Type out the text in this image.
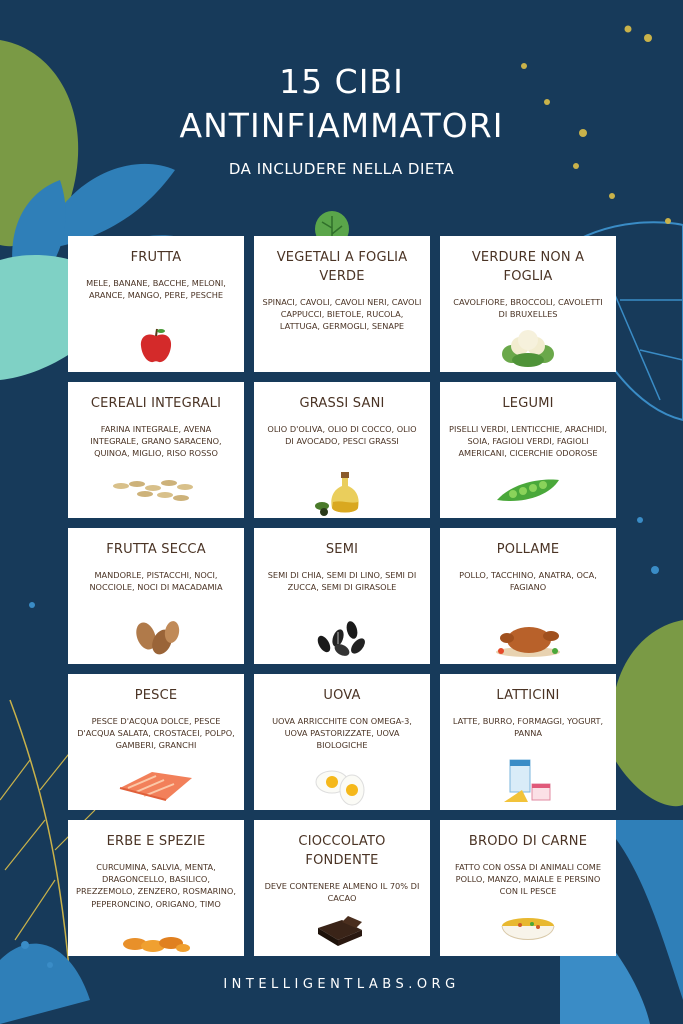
15 CIBI
ANTINFIAMMATORI
DA INCLUDERE NELLA DIETA
FRUTTA
MELE, BANANE, BACCHE, MELONI, ARANCE, MANGO, PERE, PESCHE
VEGETALI A FOGLIA VERDE
SPINACI, CAVOLI, CAVOLI NERI, CAVOLI CAPPUCCI, BIETOLE, RUCOLA, LATTUGA, GERMOGLI, SENAPE
VERDURE NON A FOGLIA
CAVOLFIORE, BROCCOLI, CAVOLETTI DI BRUXELLES
CEREALI INTEGRALI
FARINA INTEGRALE, AVENA INTEGRALE, GRANO SARACENO, QUINOA, MIGLIO, RISO ROSSO
GRASSI SANI
OLIO D'OLIVA, OLIO DI COCCO, OLIO DI AVOCADO, PESCI GRASSI
LEGUMI
PISELLI VERDI, LENTICCHIE, ARACHIDI, SOIA, FAGIOLI VERDI, FAGIOLI AMERICANI, CICERCHIE ODOROSE
FRUTTA SECCA
MANDORLE, PISTACCHI, NOCI, NOCCIOLE, NOCI DI MACADAMIA
SEMI
SEMI DI CHIA, SEMI DI LINO, SEMI DI ZUCCA, SEMI DI GIRASOLE
POLLAME
POLLO, TACCHINO, ANATRA, OCA, FAGIANO
PESCE
PESCE D'ACQUA DOLCE, PESCE D'ACQUA SALATA, CROSTACEI, POLPO, GAMBERI, GRANCHI
UOVA
UOVA ARRICCHITE CON OMEGA-3, UOVA PASTORIZZATE, UOVA BIOLOGICHE
LATTICINI
LATTE, BURRO, FORMAGGI, YOGURT, PANNA
ERBE E SPEZIE
CURCUMINA, SALVIA, MENTA, DRAGONCELLO, BASILICO, PREZZEMOLO, ZENZERO, ROSMARINO, PEPERONCINO, ORIGANO, TIMO
CIOCCOLATO FONDENTE
DEVE CONTENERE ALMENO IL 70% DI CACAO
BRODO DI CARNE
FATTO CON OSSA DI ANIMALI COME POLLO, MANZO, MAIALE E PERSINO CON IL PESCE
INTELLIGENTLABS.ORG
